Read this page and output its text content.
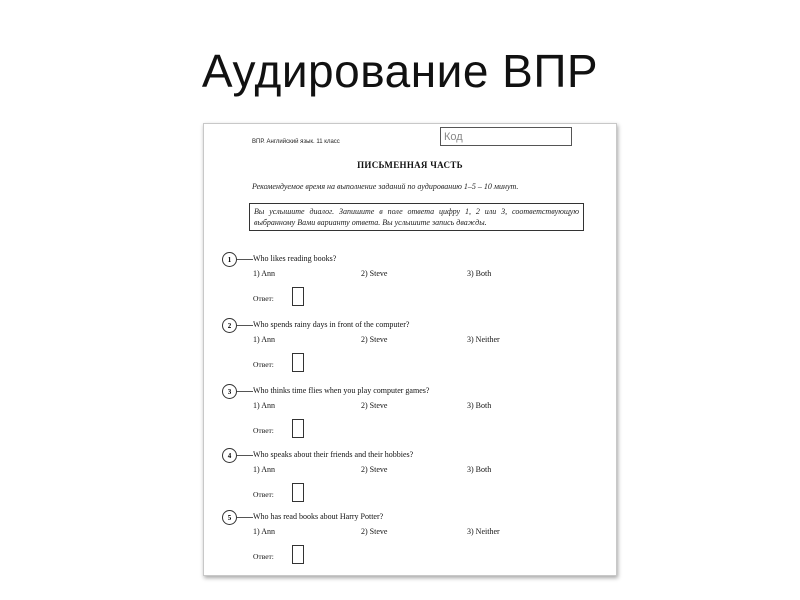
Аудирование ВПР
ВПР. Английский язык. 11 класс	Код
ПИСЬМЕННАЯ ЧАСТЬ
Рекомендуемое время на выполнение заданий по аудированию 1–5 – 10 минут.
Вы услышите диалог. Запишите в поле ответа цифру 1, 2 или 3, соответствующую выбранному Вами варианту ответа. Вы услышите запись дважды.
1	Who likes reading books?
1) Ann	2) Steve	3) Both
Ответ:
2	Who spends rainy days in front of the computer?
1) Ann	2) Steve	3) Neither
Ответ:
3	Who thinks time flies when you play computer games?
1) Ann	2) Steve	3) Both
Ответ:
4	Who speaks about their friends and their hobbies?
1) Ann	2) Steve	3) Both
Ответ:
5	Who has read books about Harry Potter?
1) Ann	2) Steve	3) Neither
Ответ:
